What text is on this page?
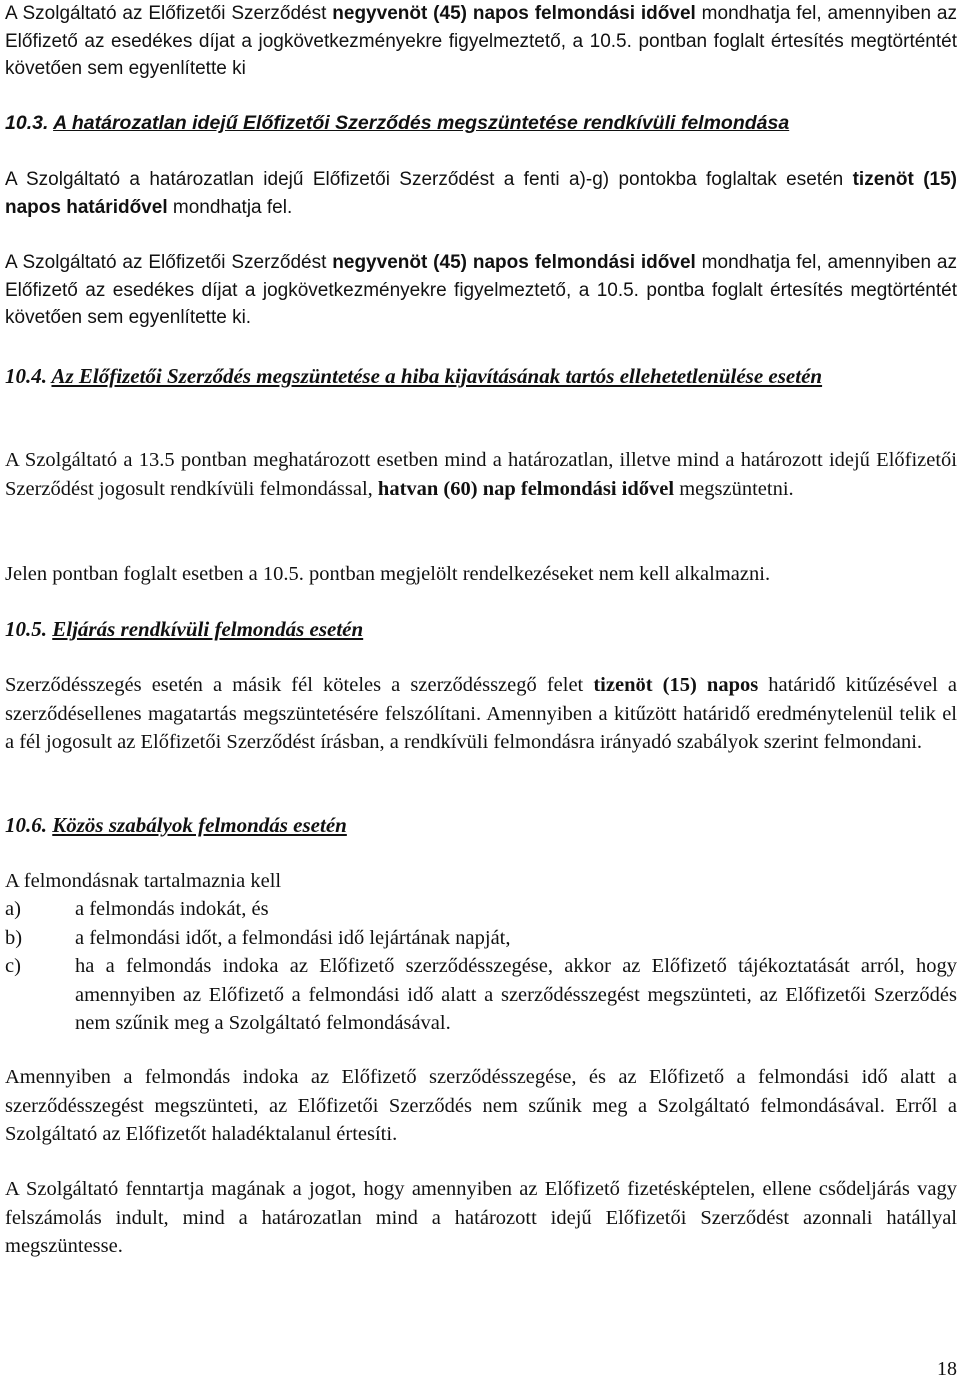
A Szolgáltató az Előfizetői Szerződést negyvenöt (45) napos felmondási idővel mondhatja fel, amennyiben az Előfizető az esedékes díjat a jogkövetkezményekre figyelmeztető, a 10.5. pontban foglalt értesítés megtörténtét követően sem egyenlítette ki

10.3. A határozatlan idejű Előfizetői Szerződés megszüntetése rendkívüli felmondása

A Szolgáltató a határozatlan idejű Előfizetői Szerződést a fenti a)-g) pontokba foglaltak esetén tizenöt (15) napos határidővel mondhatja fel.

A Szolgáltató az Előfizetői Szerződést negyvenöt (45) napos felmondási idővel mondhatja fel, amennyiben az Előfizető az esedékes díjat a jogkövetkezményekre figyelmeztető, a 10.5. pontba foglalt értesítés megtörténtét követően sem egyenlítette ki.

10.4. Az Előfizetői Szerződés megszüntetése a hiba kijavításának tartós ellehetetlenülése esetén

A Szolgáltató a 13.5 pontban meghatározott esetben mind a határozatlan, illetve mind a határozott idejű Előfizetői Szerződést jogosult rendkívüli felmondással, hatvan (60) nap felmondási idővel megszüntetni.

Jelen pontban foglalt esetben a 10.5. pontban megjelölt rendelkezéseket nem kell alkalmazni.

10.5. Eljárás rendkívüli felmondás esetén

Szerződésszegés esetén a másik fél köteles a szerződésszegő felet tizenöt (15) napos határidő kitűzésével a szerződésellenes magatartás megszüntetésére felszólítani. Amennyiben a kitűzött határidő eredménytelenül telik el a fél jogosult az Előfizetői Szerződést írásban, a rendkívüli felmondásra irányadó szabályok szerint felmondani.

10.6. Közös szabályok felmondás esetén

A felmondásnak tartalmaznia kell

a)	a felmondás indokát, és
b)	a felmondási időt, a felmondási idő lejártának napját,
c)	ha a felmondás indoka az Előfizető szerződésszegése, akkor az Előfizető tájékoztatását arról, hogy amennyiben az Előfizető a felmondási idő alatt a szerződésszegést megszünteti, az Előfizetői Szerződés nem szűnik meg a Szolgáltató felmondásával.

Amennyiben a felmondás indoka az Előfizető szerződésszegése, és az Előfizető a felmondási idő alatt a szerződésszegést megszünteti, az Előfizetői Szerződés nem szűnik meg a Szolgáltató felmondásával. Erről a Szolgáltató az Előfizetőt haladéktalanul értesíti.

A Szolgáltató fenntartja magának a jogot, hogy amennyiben az Előfizető fizetésképtelen, ellene csődeljárás vagy felszámolás indult, mind a határozatlan mind a határozott idejű Előfizetői Szerződést azonnali hatállyal megszüntesse.

18
